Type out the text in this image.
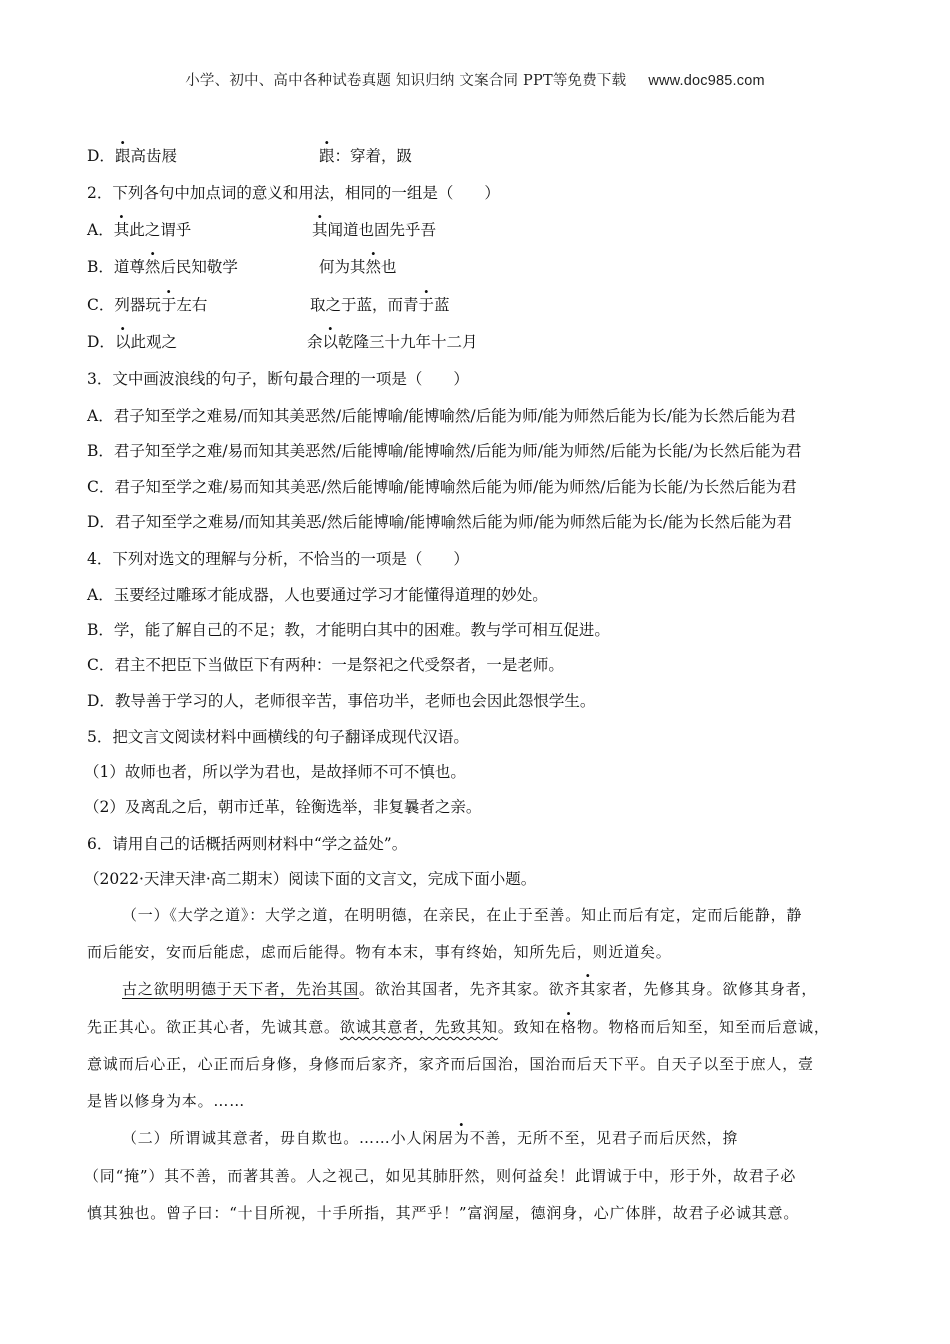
小学、初中、高中各种试卷真题 知识归纳 文案合同 PPT等免费下载 www.doc985.com
D．跟高齿屐	跟：穿着，趿
2．下列各句中加点词的意义和用法，相同的一组是（　　）
A．其此之谓乎	其闻道也固先乎吾
B．道尊然后民知敬学	何为其然也
C．列器玩于左右	取之于蓝，而青于蓝
D．以此观之	余以乾隆三十九年十二月
3．文中画波浪线的句子，断句最合理的一项是（　　）
A．君子知至学之难易/而知其美恶然/后能博喻/能博喻然/后能为师/能为师然后能为长/能为长然后能为君
B．君子知至学之难/易而知其美恶然/后能博喻/能博喻然/后能为师/能为师然/后能为长能/为长然后能为君
C．君子知至学之难/易而知其美恶/然后能博喻/能博喻然后能为师/能为师然/后能为长能/为长然后能为君
D．君子知至学之难易/而知其美恶/然后能博喻/能博喻然后能为师/能为师然后能为长/能为长然后能为君
4．下列对选文的理解与分析，不恰当的一项是（　　）
A．玉要经过雕琢才能成器，人也要通过学习才能懂得道理的妙处。
B．学，能了解自己的不足；教，才能明白其中的困难。教与学可相互促进。
C．君主不把臣下当做臣下有两种：一是祭祀之代受祭者，一是老师。
D．教导善于学习的人，老师很辛苦，事倍功半，老师也会因此怨恨学生。
5．把文言文阅读材料中画横线的句子翻译成现代汉语。
（1）故师也者，所以学为君也，是故择师不可不慎也。
（2）及离乱之后，朝市迁革，铨衡选举，非复曩者之亲。
6．请用自己的话概括两则材料中“学之益处”。
（2022·天津天津·高二期末）阅读下面的文言文，完成下面小题。
（一）《大学之道》：大学之道，在明明德，在亲民，在止于至善。知止而后有定，定而后能静，静
而后能安，安而后能虑，虑而后能得。物有本末，事有终始，知所先后，则近道矣。
古之欲明明德于天下者，先治其国。欲治其国者，先齐其家。欲齐其家者，先修其身。欲修其身者，
先正其心。欲正其心者，先诚其意。欲诚其意者，先致其知。致知在格物。物格而后知至，知至而后意诚，
意诚而后心正，心正而后身修，身修而后家齐，家齐而后国治，国治而后天下平。自天子以至于庶人，壹
是皆以修身为本。……
（二）所谓诚其意者，毋自欺也。……小人闲居为不善，无所不至，见君子而后厌然，揜
（同“掩”）其不善，而著其善。人之视己，如见其肺肝然，则何益矣！此谓诚于中，形于外，故君子必
慎其独也。曾子曰：“十目所视，十手所指，其严乎！”富润屋，德润身，心广体胖，故君子必诚其意。
